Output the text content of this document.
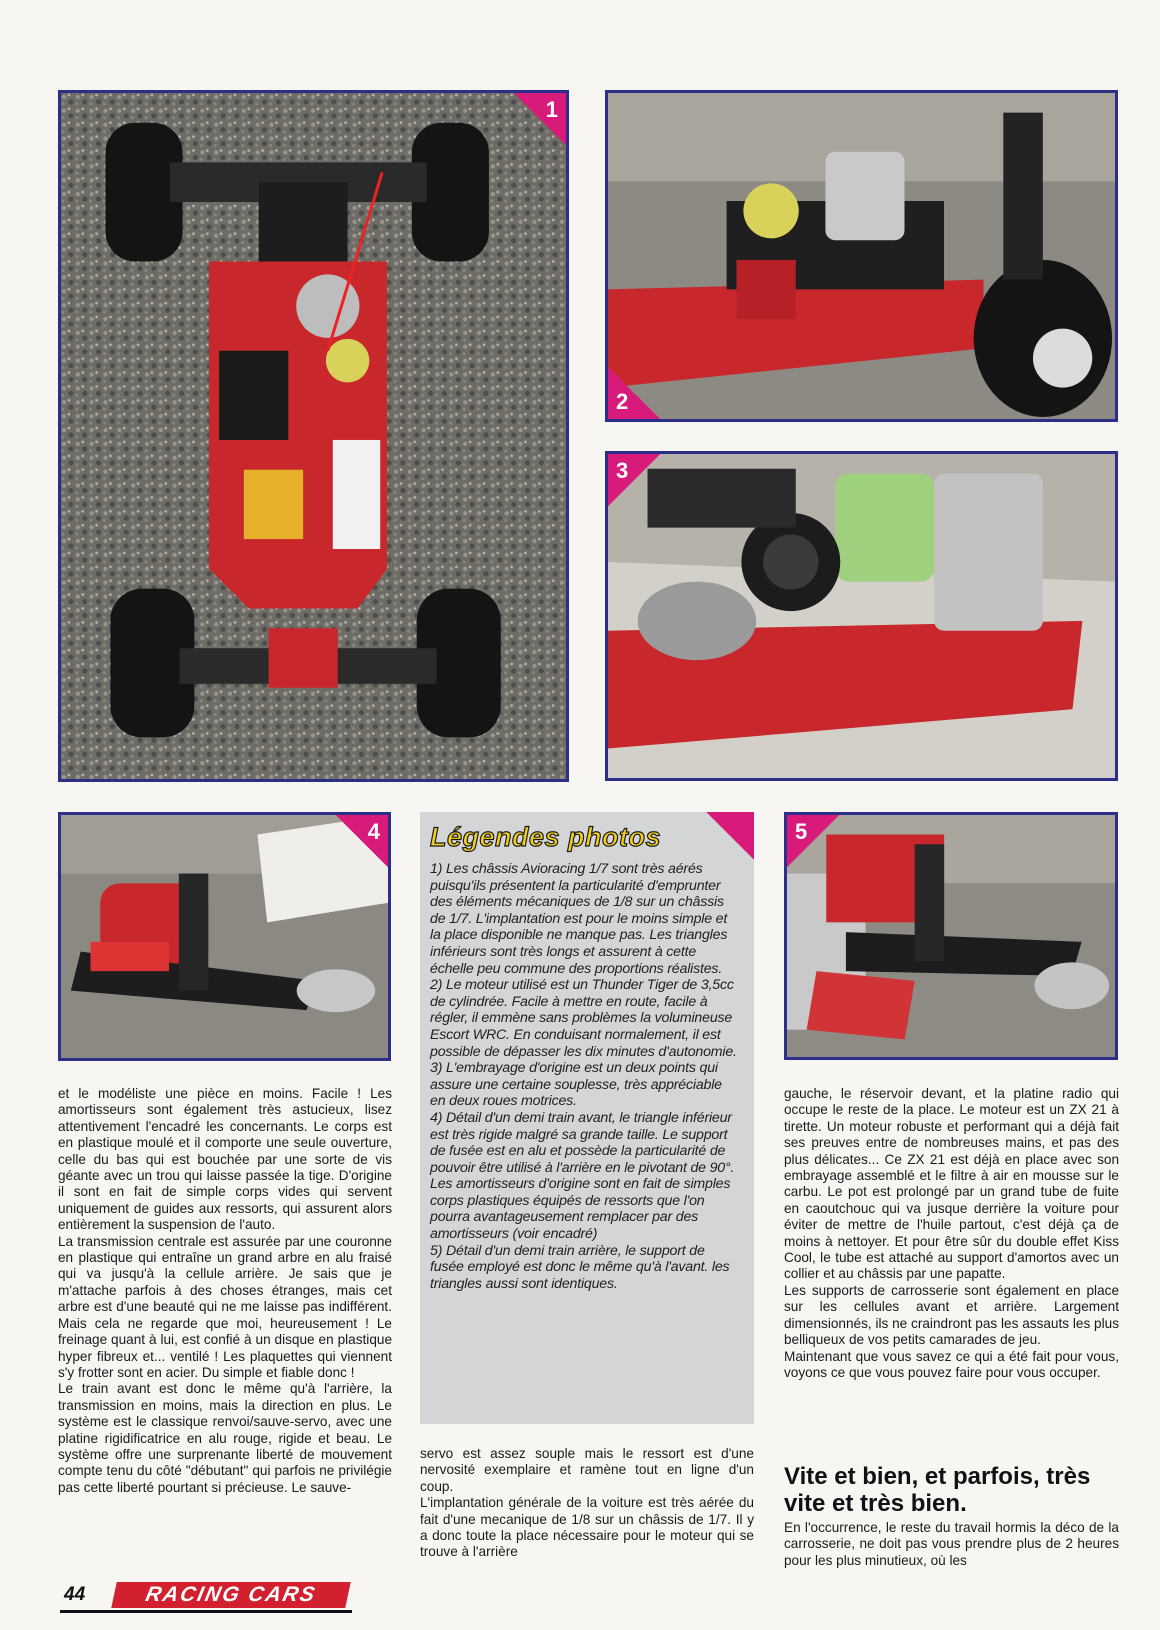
1
2
3
4 Légendes photos

1) Les châssis Avioracing 1/7 sont très aérés puisqu'ils présentent la particularité d'emprunter des éléments mécaniques de 1/8 sur un châssis de 1/7. L'implantation est pour le moins simple et la place disponible ne manque pas. Les triangles inférieurs sont très longs et assurent à cette échelle peu commune des proportions réalistes.

2) Le moteur utilisé est un Thunder Tiger de 3,5cc de cylindrée. Facile à mettre en route, facile à régler, il emmène sans problèmes la volumineuse Escort WRC. En conduisant normalement, il est possible de dépasser les dix minutes d'autonomie.

3) L'embrayage d'origine est un deux points qui assure une certaine souplesse, très appréciable en deux roues motrices.

4) Détail d'un demi train avant, le triangle inférieur est très rigide malgré sa grande taille. Le support de fusée est en alu et possède la particularité de pouvoir être utilisé à l'arrière en le pivotant de 90°. Les amortisseurs d'origine sont en fait de simples corps plastiques équipés de ressorts que l'on pourra avantageusement remplacer par des amortisseurs (voir encadré)

5) Détail d'un demi train arrière, le support de fusée employé est donc le même qu'à l'avant. les triangles aussi sont identiques.

5

et le modéliste une pièce en moins. Facile ! Les amortisseurs sont également très astucieux, lisez attentivement l'encadré les concernants. Le corps est en plastique moulé et il comporte une seule ouverture, celle du bas qui est bouchée par une sorte de vis géante avec un trou qui laisse passée la tige. D'origine il sont en fait de simple corps vides qui servent uniquement de guides aux ressorts, qui assurent alors entièrement la suspension de l'auto.

La transmission centrale est assurée par une couronne en plastique qui entraîne un grand arbre en alu fraisé qui va jusqu'à la cellule arrière. Je sais que je m'attache parfois à des choses étranges, mais cet arbre est d'une beauté qui ne me laisse pas indifférent. Mais cela ne regarde que moi, heureusement ! Le freinage quant à lui, est confié à un disque en plastique hyper fibreux et... ventilé ! Les plaquettes qui viennent s'y frotter sont en acier. Du simple et fiable donc !

Le train avant est donc le même qu'à l'arrière, la transmission en moins, mais la direction en plus. Le système est le classique renvoi/sauve-servo, avec une platine rigidificatrice en alu rouge, rigide et beau. Le système offre une surprenante liberté de mouvement compte tenu du côté "débutant" qui parfois ne privilégie pas cette liberté pourtant si précieuse. Le sauve-

servo est assez souple mais le ressort est d'une nervosité exemplaire et ramène tout en ligne d'un coup.

L'implantation générale de la voiture est très aérée du fait d'une mecanique de 1/8 sur un châssis de 1/7. Il y a donc toute la place nécessaire pour le moteur qui se trouve à l'arrière

gauche, le réservoir devant, et la platine radio qui occupe le reste de la place. Le moteur est un ZX 21 à tirette. Un moteur robuste et performant qui a déjà fait ses preuves entre de nombreuses mains, et pas des plus délicates... Ce ZX 21 est déjà en place avec son embrayage assemblé et le filtre à air en mousse sur le carbu. Le pot est prolongé par un grand tube de fuite en caoutchouc qui va jusque derrière la voiture pour éviter de mettre de l'huile partout, c'est déjà ça de moins à nettoyer. Et pour être sûr du double effet Kiss Cool, le tube est attaché au support d'amortos avec un collier et au châssis par une papatte.

Les supports de carrosserie sont également en place sur les cellules avant et arrière. Largement dimensionnés, ils ne craindront pas les assauts les plus belliqueux de vos petits camarades de jeu.

Maintenant que vous savez ce qui a été fait pour vous, voyons ce que vous pouvez faire pour vous occuper.

Vite et bien, et parfois, très vite et très bien.

En l'occurrence, le reste du travail hormis la déco de la carrosserie, ne doit pas vous prendre plus de 2 heures pour les plus minutieux, où les

44	RACING CARS
